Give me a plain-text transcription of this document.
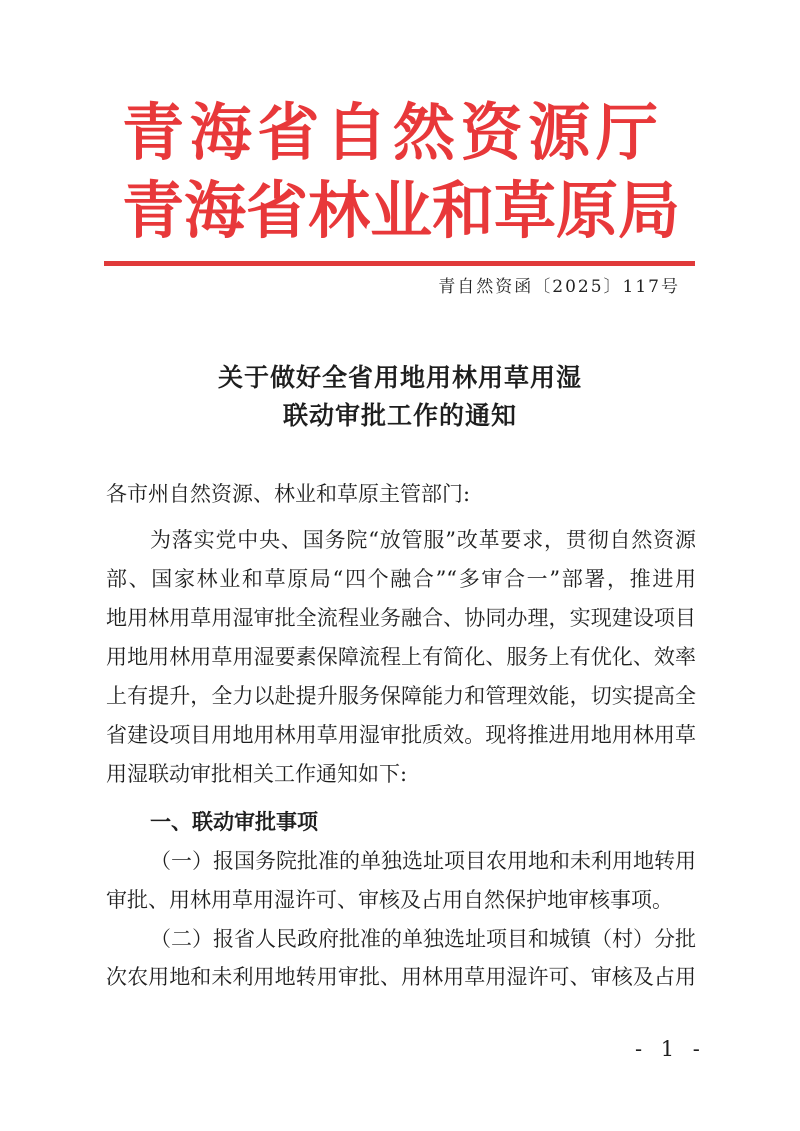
青海省自然资源厅
青海省林业和草原局
青自然资函〔2025〕117号
关于做好全省用地用林用草用湿
联动审批工作的通知
各市州自然资源、林业和草原主管部门:
为落实党中央、国务院“放管服”改革要求，贯彻自然资源
部、国家林业和草原局“四个融合”“多审合一”部署，推进用
地用林用草用湿审批全流程业务融合、协同办理，实现建设项目
用地用林用草用湿要素保障流程上有简化、服务上有优化、效率
上有提升，全力以赴提升服务保障能力和管理效能，切实提高全
省建设项目用地用林用草用湿审批质效。现将推进用地用林用草
用湿联动审批相关工作通知如下:
一、联动审批事项
（一）报国务院批准的单独选址项目农用地和未利用地转用
审批、用林用草用湿许可、审核及占用自然保护地审核事项。
（二）报省人民政府批准的单独选址项目和城镇（村）分批
次农用地和未利用地转用审批、用林用草用湿许可、审核及占用
- 1 -
